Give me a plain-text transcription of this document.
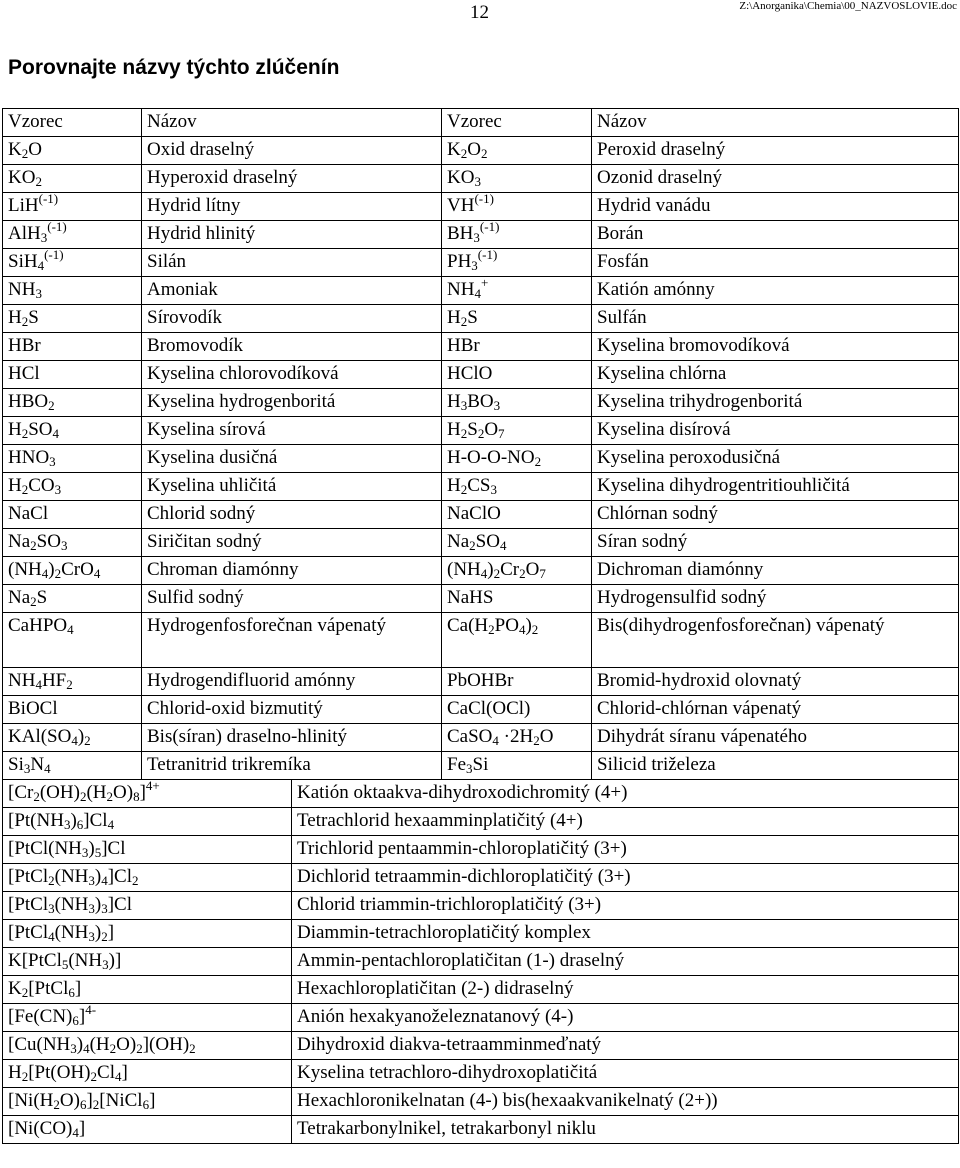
12	Z:\Anorganika\Chemia\00_NAZVOSLOVIE.doc
Porovnajte názvy týchto zlúčenín
Vzorec	Názov		Vzorec	Názov
$K_2O$	Oxid draselný		$K_2O_2$	Peroxid draselný
$KO_2$	Hyperoxid draselný		$KO_3$	Ozonid draselný
LiH$^{(-1)}$	Hydrid lítny		$VH^{(-1)}$	Hydrid vanádu
AlH$_3^{(-1)}$	Hydrid hlinitý		$BH_3^{(-1)}$	Borán
SiH$_4^{(-1)}$	Silán		$PH_3^{(-1)}$	Fosfán
$NH_3$	Amoniak		$NH_4^+$	Katión amónny
$H_2S$	Sírovodík		$H_2S$	Sulfán
HBr	Bromovodík		HBr	Kyselina bromovodíková
HCl	Kyselina chlorovodíková		HClO	Kyselina chlórna
$HBO_2$	Kyselina hydrogenboritá		$H_3BO_3$	Kyselina trihydrogenboritá
$H_2SO_4$	Kyselina sírová		$H_2S_2O_7$	Kyselina disírová
$HNO_3$	Kyselina dusičná		$H-O-O-NO_2$	Kyselina peroxodusičná
$H_2CO_3$	Kyselina uhličitá		$H_2CS_3$	Kyselina dihydrogentritiouhličitá
NaCl	Chlorid sodný		NaClO	Chlórnan sodný
$Na_2SO_3$	Siričitan sodný		$Na_2SO_4$	Síran sodný
$(NH_4)_2CrO_4$	Chroman diamónny		$(NH_4)_2Cr_2O_7$	Dichroman diamónny
$Na_2S$	Sulfid sodný		NaHS	Hydrogensulfid sodný
CaHPO$_4$	Hydrogenfosforečnan vápenatý		$Ca(H_2PO_4)_2$	Bis(dihydrogenfosforečnan) vápenatý
$NH_4HF_2$	Hydrogendifluorid amónny		PbOHBr	Bromid-hydroxid olovnatý
BiOCl	Chlorid-oxid bizmutitý		CaCl(OCl)	Chlorid-chlórnan vápenatý
$KAl(SO_4)_2$	Bis(síran) draselno-hlinitý		CaSO$_4$ $\cdot 2H_2O$	Dihydrát síranu vápenatého
$Si_3N_4$	Tetranitrid trikremíka		$Fe_3Si$	Silicid triželeza
$[Cr_2(OH)_2(H_2O)_8]^{4+}$		Katión oktaakva-dihydroxodichromitý (4+)		
$[Pt(NH_3)_6]Cl_4$		Tetrachlorid hexaamminplatičitý (4+)		
$[PtCl(NH_3)_5]Cl$		Trichlorid pentaammin-chloroplatičitý (3+)		
$[PtCl_2(NH_3)_4]Cl_2$		Dichlorid tetraammin-dichloroplatičitý (3+)		
$[PtCl_3(NH_3)_3]Cl$		Chlorid triammin-trichloroplatičitý (3+)		
$[PtCl_4(NH_3)_2]$		Diammin-tetrachloroplatičitý komplex		
$K[PtCl_5(NH_3)]$		Ammin-pentachloroplatičitan (1-) draselný		
$K_2[PtCl_6]$		Hexachloroplatičitan (2-) didraselný		
$[Fe(CN)_6]^{4-}$		Anión hexakyanoželeznatanový (4-)		
$[Cu(NH_3)_4(H_2O)_2](OH)_2$		Dihydroxid diakva-tetraamminmeďnatý		
$H_2[Pt(OH)_2Cl_4]$		Kyselina tetrachloro-dihydroxoplatičitá		
$[Ni(H_2O)_6]_2[NiCl_6]$		Hexachloronikelnatan (4-) bis(hexaakvanikelnatý (2+))		
$[Ni(CO)_4]$		Tetrakarbonylnikel, tetrakarbonyl niklu		
